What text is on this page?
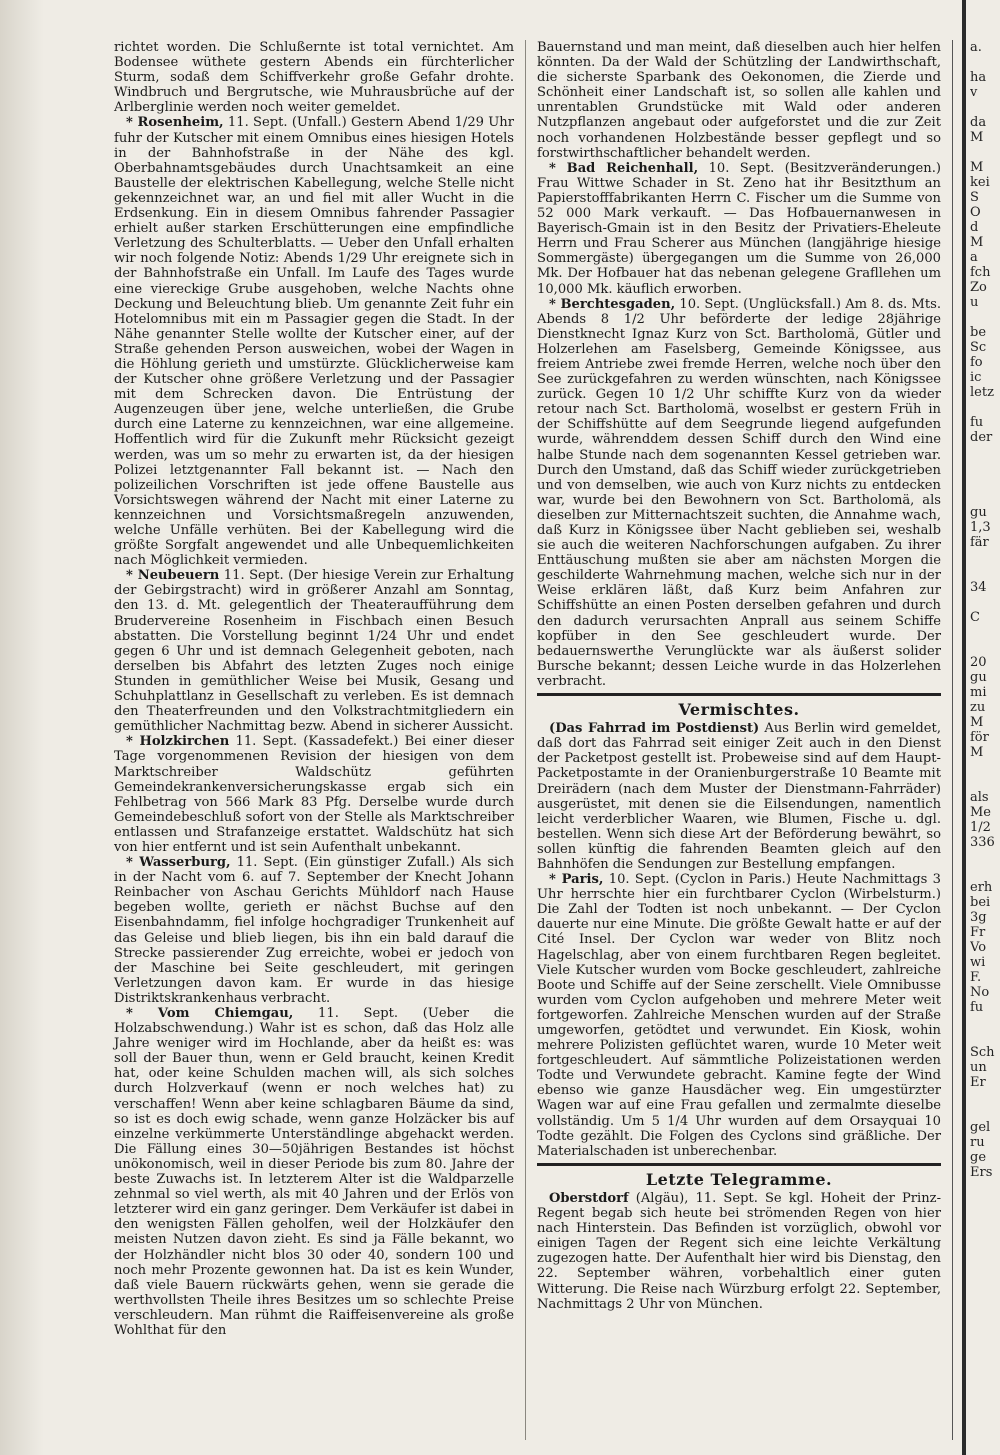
richtet worden. Die Schlußernte ist total vernichtet. Am Bodensee wüthete gestern Abends ein fürchterlicher Sturm, sodaß dem Schiffverkehr große Gefahr drohte. Windbruch und Bergrutsche, wie Muhrausbrüche auf der Arlberglinie werden noch weiter gemeldet.

* Rosenheim, 11. Sept. (Unfall.) Gestern Abend 1/29 Uhr fuhr der Kutscher mit einem Omnibus eines hiesigen Hotels in der Bahnhofstraße in der Nähe des kgl. Oberbahnamtsgebäudes durch Unachtsamkeit an eine Baustelle der elektrischen Kabellegung, welche Stelle nicht gekennzeichnet war, an und fiel mit aller Wucht in die Erdsenkung. Ein in diesem Omnibus fahrender Passagier erhielt außer starken Erschütterungen eine empfindliche Verletzung des Schulterblatts. — Ueber den Unfall erhalten wir noch folgende Notiz: Abends 1/29 Uhr ereignete sich in der Bahnhofstraße ein Unfall. Im Laufe des Tages wurde eine viereckige Grube ausgehoben, welche Nachts ohne Deckung und Beleuchtung blieb. Um genannte Zeit fuhr ein Hotelomnibus mit ein m Passagier gegen die Stadt. In der Nähe genannter Stelle wollte der Kutscher einer, auf der Straße gehenden Person ausweichen, wobei der Wagen in die Höhlung gerieth und umstürzte. Glücklicherweise kam der Kutscher ohne größere Verletzung und der Passagier mit dem Schrecken davon. Die Entrüstung der Augenzeugen über jene, welche unterließen, die Grube durch eine Laterne zu kennzeichnen, war eine allgemeine. Hoffentlich wird für die Zukunft mehr Rücksicht gezeigt werden, was um so mehr zu erwarten ist, da der hiesigen Polizei letztgenannter Fall bekannt ist. — Nach den polizeilichen Vorschriften ist jede offene Baustelle aus Vorsichtswegen während der Nacht mit einer Laterne zu kennzeichnen und Vorsichtsmaßregeln anzuwenden, welche Unfälle verhüten. Bei der Kabellegung wird die größte Sorgfalt angewendet und alle Unbequemlichkeiten nach Möglichkeit vermieden.

* Neubeuern 11. Sept. (Der hiesige Verein zur Erhaltung der Gebirgstracht) wird in größerer Anzahl am Sonntag, den 13. d. Mt. gelegentlich der Theateraufführung dem Brudervereine Rosenheim in Fischbach einen Besuch abstatten. Die Vorstellung beginnt 1/24 Uhr und endet gegen 6 Uhr und ist demnach Gelegenheit geboten, nach derselben bis Abfahrt des letzten Zuges noch einige Stunden in gemüthlicher Weise bei Musik, Gesang und Schuhplattlanz in Gesellschaft zu verleben. Es ist demnach den Theaterfreunden und den Volkstrachtmitgliedern ein gemüthlicher Nachmittag bezw. Abend in sicherer Aussicht.

* Holzkirchen 11. Sept. (Kassadefekt.) Bei einer dieser Tage vorgenommenen Revision der hiesigen von dem Marktschreiber Waldschütz geführten Gemeindekrankenversicherungskasse ergab sich ein Fehlbetrag von 566 Mark 83 Pfg. Derselbe wurde durch Gemeindebeschluß sofort von der Stelle als Marktschreiber entlassen und Strafanzeige erstattet. Waldschütz hat sich von hier entfernt und ist sein Aufenthalt unbekannt.

* Wasserburg, 11. Sept. (Ein günstiger Zufall.) Als sich in der Nacht vom 6. auf 7. September der Knecht Johann Reinbacher von Aschau Gerichts Mühldorf nach Hause begeben wollte, gerieth er nächst Buchse auf den Eisenbahndamm, fiel infolge hochgradiger Trunkenheit auf das Geleise und blieb liegen, bis ihn ein bald darauf die Strecke passierender Zug erreichte, wobei er jedoch von der Maschine bei Seite geschleudert, mit geringen Verletzungen davon kam. Er wurde in das hiesige Distriktskrankenhaus verbracht.

* Vom Chiemgau, 11. Sept. (Ueber die Holzabschwendung.) Wahr ist es schon, daß das Holz alle Jahre weniger wird im Hochlande, aber da heißt es: was soll der Bauer thun, wenn er Geld braucht, keinen Kredit hat, oder keine Schulden machen will, als sich solches durch Holzverkauf (wenn er noch welches hat) zu verschaffen! Wenn aber keine schlagbaren Bäume da sind, so ist es doch ewig schade, wenn ganze Holzäcker bis auf einzelne verkümmerte Unterständlinge abgehackt werden. Die Fällung eines 30—50jährigen Bestandes ist höchst unökonomisch, weil in dieser Periode bis zum 80. Jahre der beste Zuwachs ist. In letzterem Alter ist die Waldparzelle zehnmal so viel werth, als mit 40 Jahren und der Erlös von letzterer wird ein ganz geringer. Dem Verkäufer ist dabei in den wenigsten Fällen geholfen, weil der Holzkäufer den meisten Nutzen davon zieht. Es sind ja Fälle bekannt, wo der Holzhändler nicht blos 30 oder 40, sondern 100 und noch mehr Prozente gewonnen hat. Da ist es kein Wunder, daß viele Bauern rückwärts gehen, wenn sie gerade die werthvollsten Theile ihres Besitzes um so schlechte Preise verschleudern. Man rühmt die Raiffeisenvereine als große Wohlthat für den

Bauernstand und man meint, daß dieselben auch hier helfen könnten. Da der Wald der Schützling der Landwirthschaft, die sicherste Sparbank des Oekonomen, die Zierde und Schönheit einer Landschaft ist, so sollen alle kahlen und unrentablen Grundstücke mit Wald oder anderen Nutzpflanzen angebaut oder aufgeforstet und die zur Zeit noch vorhandenen Holzbestände besser gepflegt und so forstwirthschaftlicher behandelt werden.

* Bad Reichenhall, 10. Sept. (Besitzveränderungen.) Frau Wittwe Schader in St. Zeno hat ihr Besitzthum an Papierstofffabrikanten Herrn C. Fischer um die Summe von 52 000 Mark verkauft. — Das Hofbauernanwesen in Bayerisch-Gmain ist in den Besitz der Privatiers-Eheleute Herrn und Frau Scherer aus München (langjährige hiesige Sommergäste) übergegangen um die Summe von 26,000 Mk. Der Hofbauer hat das nebenan gelegene Grafllehen um 10,000 Mk. käuflich erworben.

* Berchtesgaden, 10. Sept. (Unglücksfall.) Am 8. ds. Mts. Abends 8 1/2 Uhr beförderte der ledige 28jährige Dienstknecht Ignaz Kurz von Sct. Bartholomä, Gütler und Holzerlehen am Faselsberg, Gemeinde Königssee, aus freiem Antriebe zwei fremde Herren, welche noch über den See zurückgefahren zu werden wünschten, nach Königssee zurück. Gegen 10 1/2 Uhr schiffte Kurz von da wieder retour nach Sct. Bartholomä, woselbst er gestern Früh in der Schiffshütte auf dem Seegrunde liegend aufgefunden wurde, währenddem dessen Schiff durch den Wind eine halbe Stunde nach dem sogenannten Kessel getrieben war. Durch den Umstand, daß das Schiff wieder zurückgetrieben und von demselben, wie auch von Kurz nichts zu entdecken war, wurde bei den Bewohnern von Sct. Bartholomä, als dieselben zur Mitternachtszeit suchten, die Annahme wach, daß Kurz in Königssee über Nacht geblieben sei, weshalb sie auch die weiteren Nachforschungen aufgaben. Zu ihrer Enttäuschung mußten sie aber am nächsten Morgen die geschilderte Wahrnehmung machen, welche sich nur in der Weise erklären läßt, daß Kurz beim Anfahren zur Schiffshütte an einen Posten derselben gefahren und durch den dadurch verursachten Anprall aus seinem Schiffe kopfüber in den See geschleudert wurde. Der bedauernswerthe Verunglückte war als äußerst solider Bursche bekannt; dessen Leiche wurde in das Holzerlehen verbracht.

Vermischtes.

(Das Fahrrad im Postdienst) Aus Berlin wird gemeldet, daß dort das Fahrrad seit einiger Zeit auch in den Dienst der Packetpost gestellt ist. Probeweise sind auf dem Haupt-Packetpostamte in der Oranienburgerstraße 10 Beamte mit Dreirädern (nach dem Muster der Dienstmann-Fahrräder) ausgerüstet, mit denen sie die Eilsendungen, namentlich leicht verderblicher Waaren, wie Blumen, Fische u. dgl. bestellen. Wenn sich diese Art der Beförderung bewährt, so sollen künftig die fahrenden Beamten gleich auf den Bahnhöfen die Sendungen zur Bestellung empfangen.

* Paris, 10. Sept. (Cyclon in Paris.) Heute Nachmittags 3 Uhr herrschte hier ein furchtbarer Cyclon (Wirbelsturm.) Die Zahl der Todten ist noch unbekannt. — Der Cyclon dauerte nur eine Minute. Die größte Gewalt hatte er auf der Cité Insel. Der Cyclon war weder von Blitz noch Hagelschlag, aber von einem furchtbaren Regen begleitet. Viele Kutscher wurden vom Bocke geschleudert, zahlreiche Boote und Schiffe auf der Seine zerschellt. Viele Omnibusse wurden vom Cyclon aufgehoben und mehrere Meter weit fortgeworfen. Zahlreiche Menschen wurden auf der Straße umgeworfen, getödtet und verwundet. Ein Kiosk, wohin mehrere Polizisten geflüchtet waren, wurde 10 Meter weit fortgeschleudert. Auf sämmtliche Polizeistationen werden Todte und Verwundete gebracht. Kamine fegte der Wind ebenso wie ganze Hausdächer weg. Ein umgestürzter Wagen war auf eine Frau gefallen und zermalmte dieselbe vollständig. Um 5 1/4 Uhr wurden auf dem Orsayquai 10 Todte gezählt. Die Folgen des Cyclons sind gräßliche. Der Materialschaden ist unberechenbar.

Letzte Telegramme.

Oberstdorf (Algäu), 11. Sept. Se kgl. Hoheit der Prinz-Regent begab sich heute bei strömenden Regen von hier nach Hinterstein. Das Befinden ist vorzüglich, obwohl vor einigen Tagen der Regent sich eine leichte Verkältung zugezogen hatte. Der Aufenthalt hier wird bis Dienstag, den 22. September währen, vorbehaltlich einer guten Witterung. Die Reise nach Würzburg erfolgt 22. September, Nachmittags 2 Uhr von München.

a.

ha
v

da
M

M
kei
S
O
d
M
a
fch
Zo
u

be
Sc
fo
ic
letz

fu
der

gu
1,3
fär

34

C

20
gu
mi
zu
M
för
M

als
Me
1/2
336

erh
bei
3g
Fr
Vo
wi
F.
No
fu

Sch
un
Er

gel
ru
ge
Ers
